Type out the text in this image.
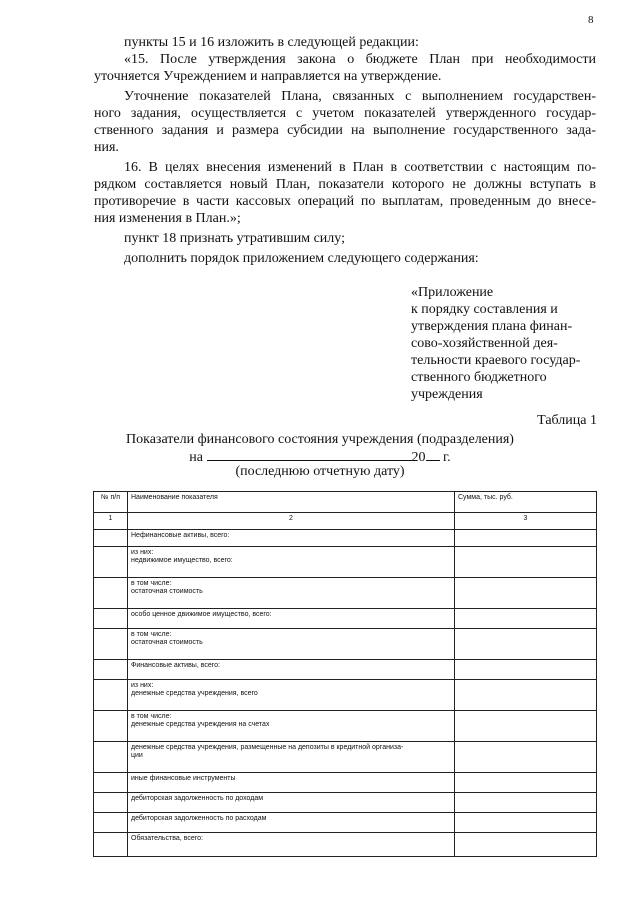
8
пункты 15 и 16 изложить в следующей редакции:
«15. После утверждения закона о бюджете План при необходимости
уточняется Учреждением и направляется на утверждение.
Уточнение показателей Плана, связанных с выполнением государствен-
ного задания, осуществляется с учетом показателей утвержденного государ-
ственного задания и размера субсидии на выполнение государственного зада-
ния.
16. В целях внесения изменений в План в соответствии с настоящим по-
рядком составляется новый План, показатели которого не должны вступать в
противоречие в части кассовых операций по выплатам, проведенным до внесе-
ния изменения в План.»;
пункт 18 признать утратившим силу;
дополнить порядок приложением следующего содержания:
«Приложение
к порядку составления и
утверждения плана финан-
сово-хозяйственной дея-
тельности краевого государ-
ственного бюджетного
учреждения
Таблица 1
Показатели финансового состояния учреждения (подразделения)
на	20 г.
(последнюю отчетную дату)
№ п/п	Наименование показателя	Сумма, тыс. руб.
1	2	3
	Нефинансовые активы, всего:	

	из них:
недвижимое имущество, всего:	

	в том числе:
остаточная стоимость	

	особо ценное движимое имущество, всего:	

	в том числе:
остаточная стоимость	

	Финансовые активы, всего:	

	из них:
денежные средства учреждения, всего	

	в том числе:
денежные средства учреждения на счетах	

	денежные средства учреждения, размещенные на депозиты в кредитной организа-
ции	

	иные финансовые инструменты	
	дебиторская задолженность по доходам	
	дебиторская задолженность по расходам	
	Обязательства, всего:	
